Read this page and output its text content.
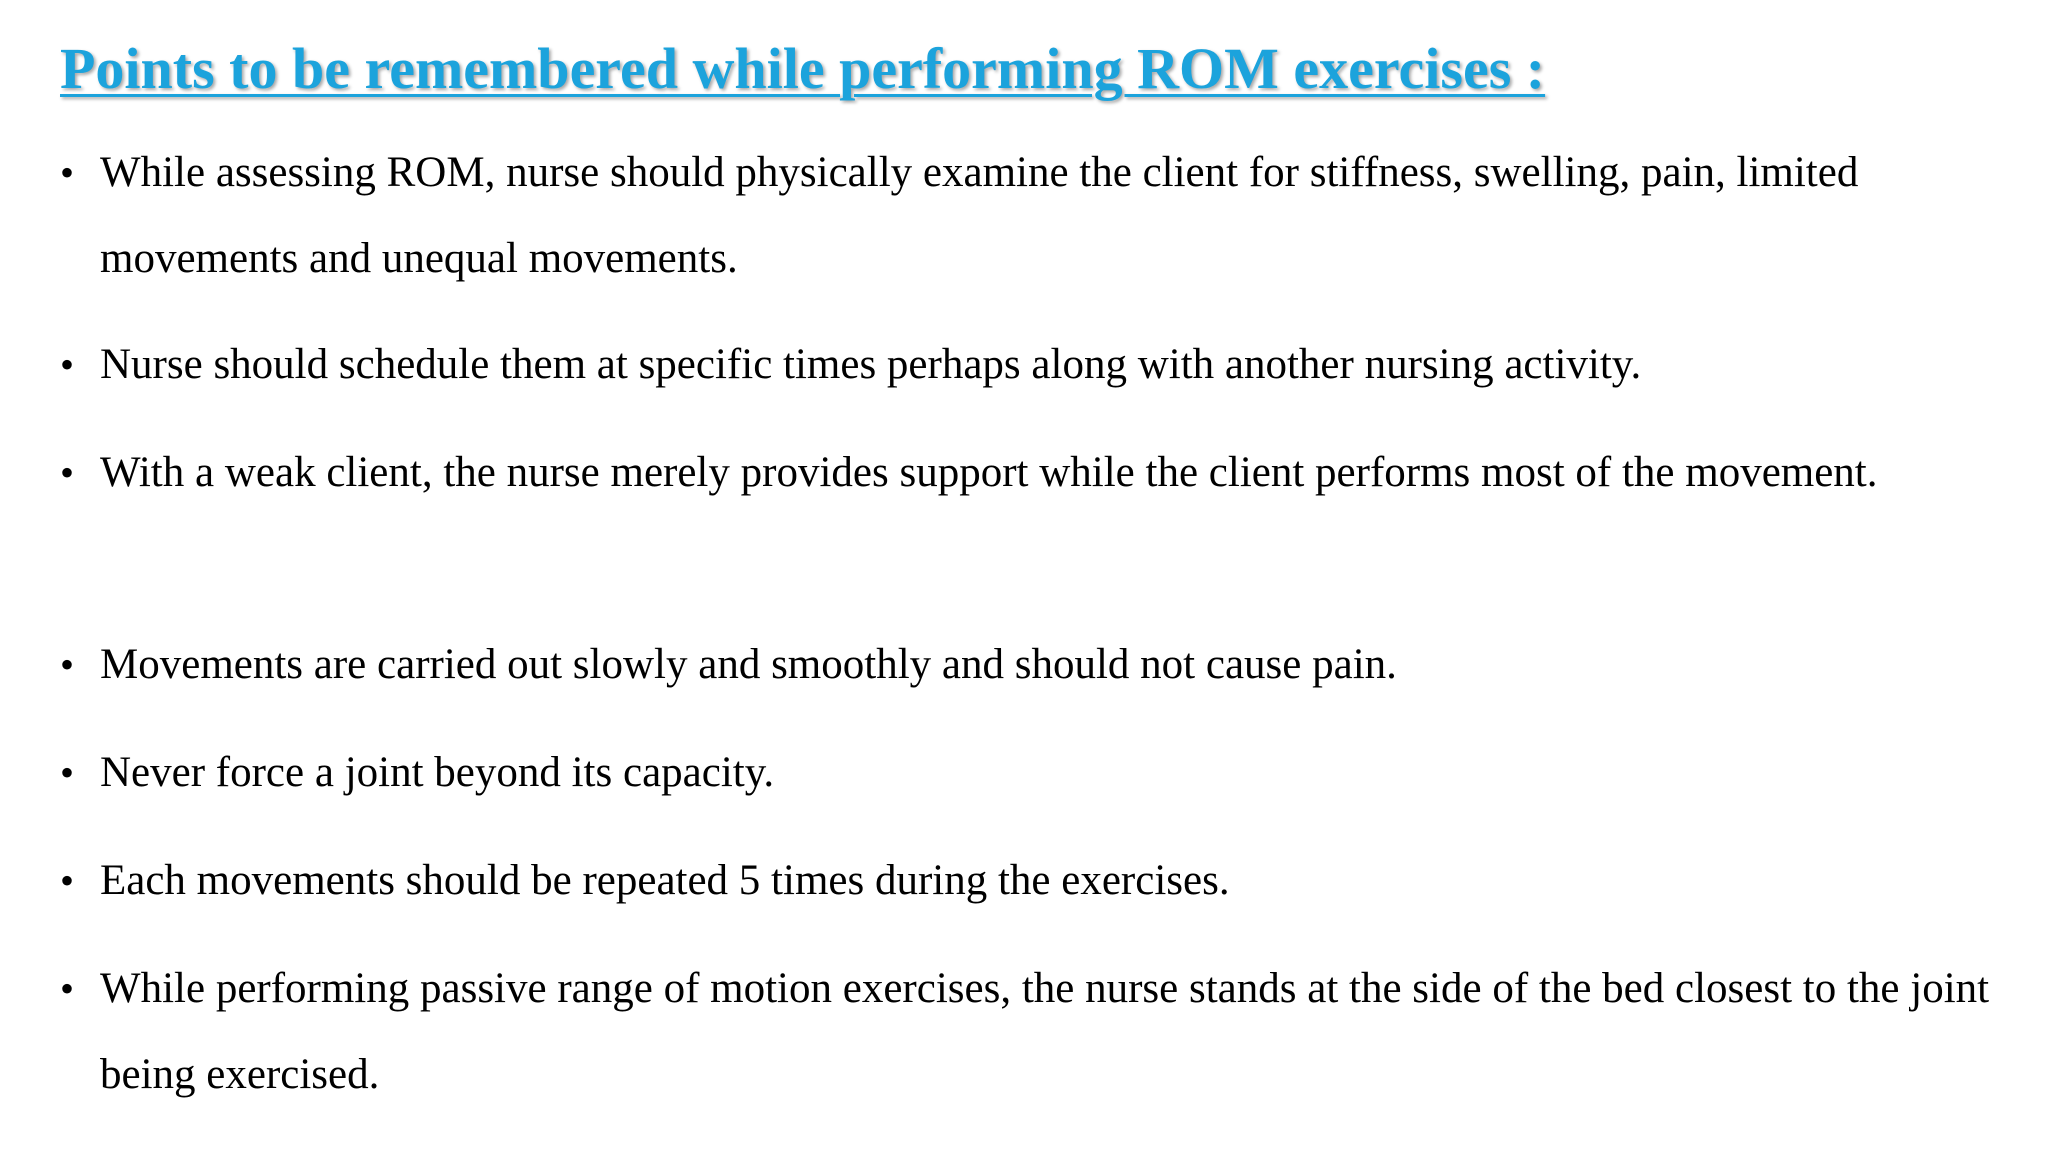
Points to be remembered while performing ROM exercises :
• While assessing ROM, nurse should physically examine the client for stiffness, swelling, pain, limited movements and unequal movements.
• Nurse should schedule them at specific times perhaps along with another nursing activity.
• With a weak client, the nurse merely provides support while the client performs most of the movement.
• Movements are carried out slowly and smoothly and should not cause pain.
• Never force a joint beyond its capacity.
• Each movements should be repeated 5 times during the exercises.
• While performing passive range of motion exercises, the nurse stands at the side of the bed closest to the joint being exercised.
